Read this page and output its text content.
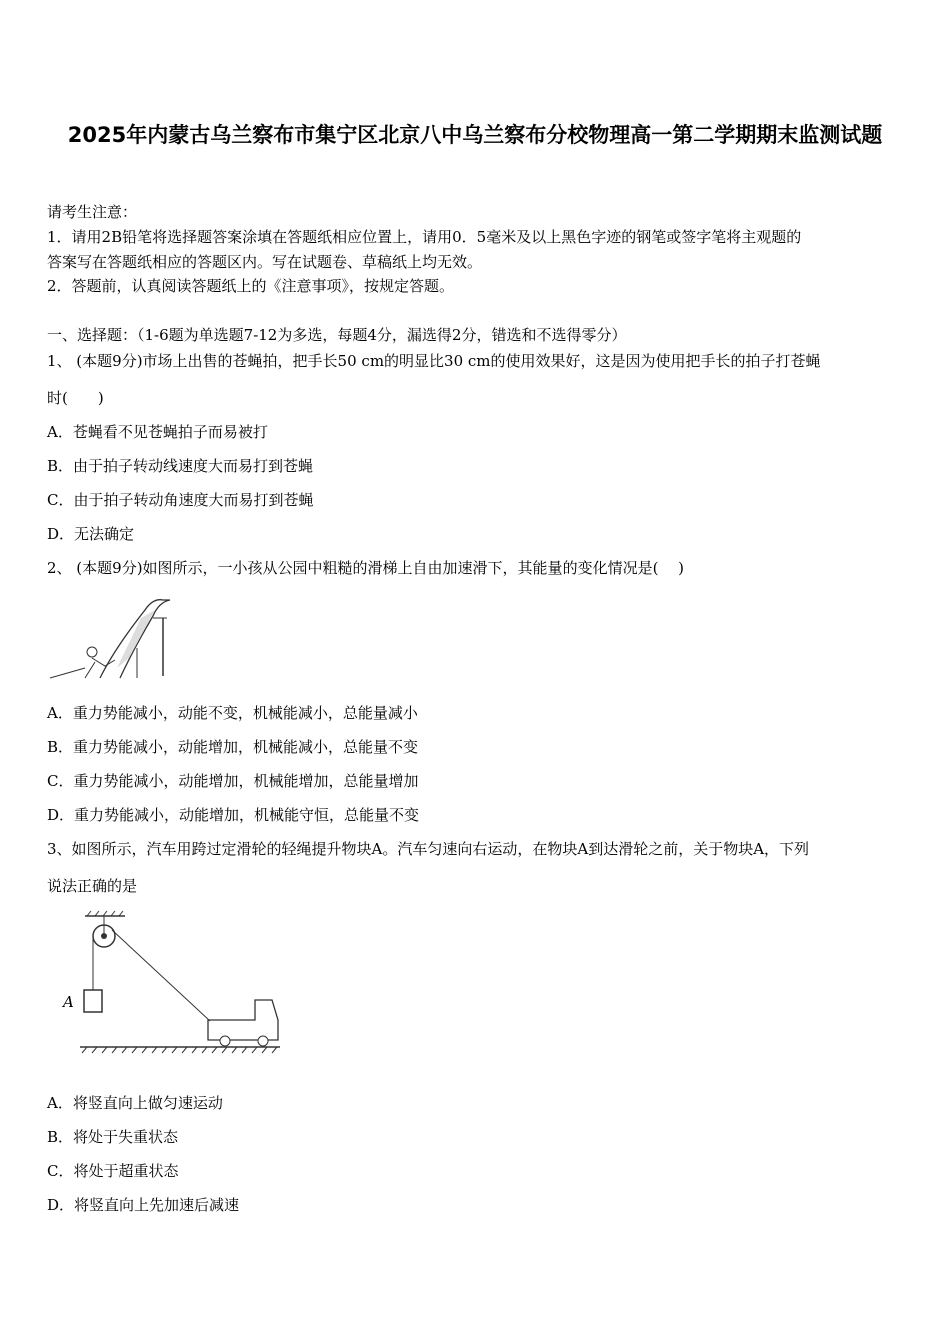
2025年内蒙古乌兰察布市集宁区北京八中乌兰察布分校物理高一第二学期期末监测试题
请考生注意：
1．请用2B铅笔将选择题答案涂填在答题纸相应位置上，请用0．5毫米及以上黑色字迹的钢笔或签字笔将主观题的
答案写在答题纸相应的答题区内。写在试题卷、草稿纸上均无效。
2．答题前，认真阅读答题纸上的《注意事项》，按规定答题。
一、选择题：（1-6题为单选题7-12为多选，每题4分，漏选得2分，错选和不选得零分）
1、 (本题9分)市场上出售的苍蝇拍，把手长50 cm的明显比30 cm的使用效果好，这是因为使用把手长的拍子打苍蝇
时(　　)
A．苍蝇看不见苍蝇拍子而易被打
B．由于拍子转动线速度大而易打到苍蝇
C．由于拍子转动角速度大而易打到苍蝇
D．无法确定
2、 (本题9分)如图所示，一小孩从公园中粗糙的滑梯上自由加速滑下，其能量的变化情况是(　 )
A．重力势能减小，动能不变，机械能减小，总能量减小
B．重力势能减小，动能增加，机械能减小，总能量不变
C．重力势能减小，动能增加，机械能增加，总能量增加
D．重力势能减小，动能增加，机械能守恒，总能量不变
3、如图所示，汽车用跨过定滑轮的轻绳提升物块A。汽车匀速向右运动，在物块A到达滑轮之前，关于物块A，下列
说法正确的是
A
A．将竖直向上做匀速运动
B．将处于失重状态
C．将处于超重状态
D．将竖直向上先加速后减速
